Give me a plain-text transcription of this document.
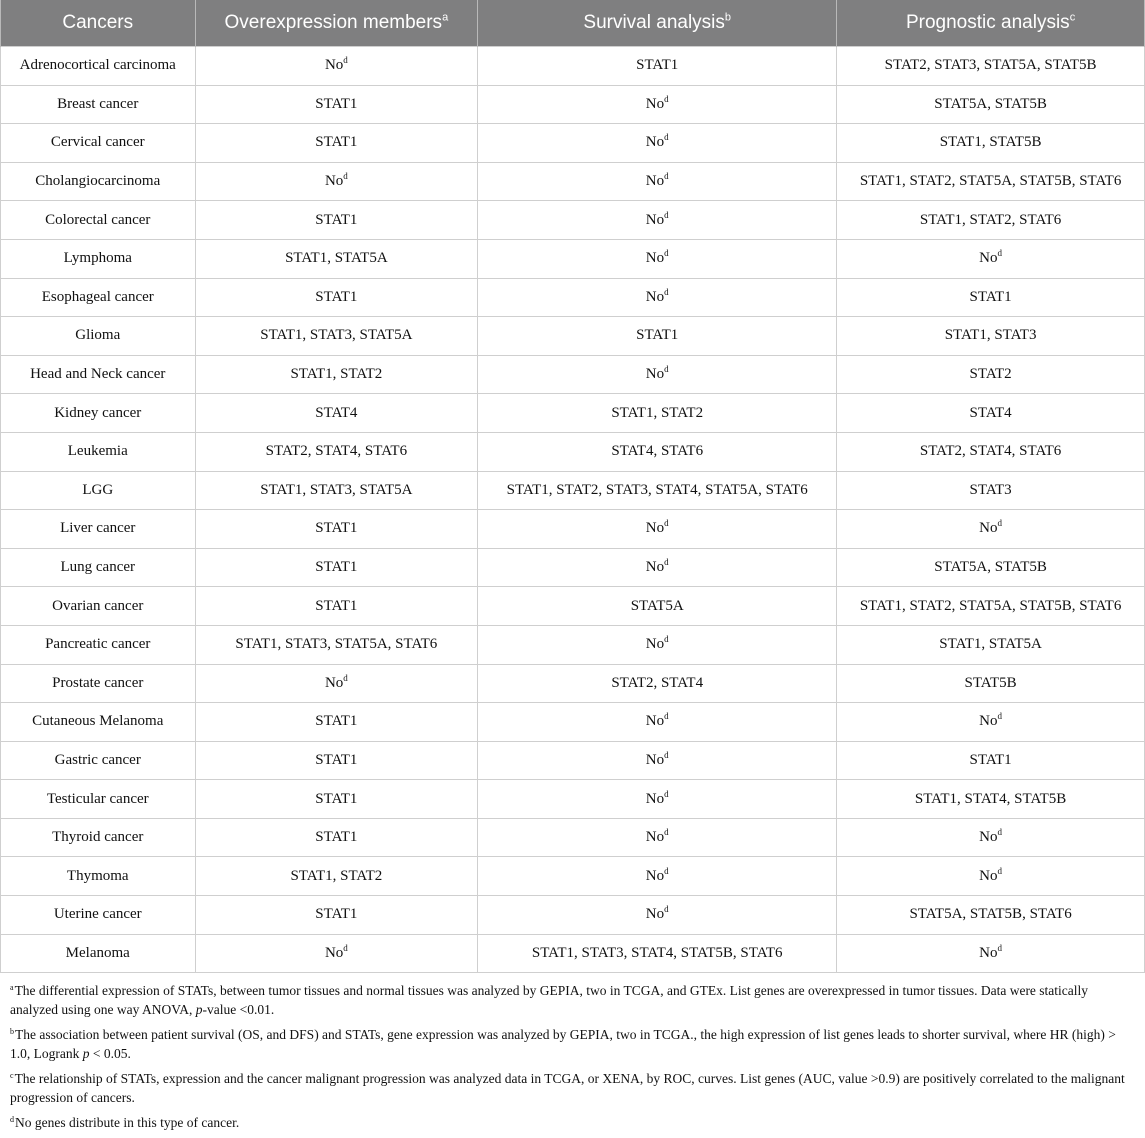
Cancers	Overexpression members$^a$	Survival analysis$^b$	Prognostic analysis$^c$
Adrenocortical carcinoma	No$^d$	STAT1	STAT2, STAT3, STAT5A, STAT5B
Breast cancer	STAT1	No$^d$	STAT5A, STAT5B
Cervical cancer	STAT1	No$^d$	STAT1, STAT5B
Cholangiocarcinoma	No$^d$	No$^d$	STAT1, STAT2, STAT5A, STAT5B, STAT6
Colorectal cancer	STAT1	No$^d$	STAT1, STAT2, STAT6
Lymphoma	STAT1, STAT5A	No$^d$	No$^d$
Esophageal cancer	STAT1	No$^d$	STAT1
Glioma	STAT1, STAT3, STAT5A	STAT1	STAT1, STAT3
Head and Neck cancer	STAT1, STAT2	No$^d$	STAT2
Kidney cancer	STAT4	STAT1, STAT2	STAT4
Leukemia	STAT2, STAT4, STAT6	STAT4, STAT6	STAT2, STAT4, STAT6
LGG	STAT1, STAT3, STAT5A	STAT1, STAT2, STAT3, STAT4, STAT5A, STAT6	STAT3
Liver cancer	STAT1	No$^d$	No$^d$
Lung cancer	STAT1	No$^d$	STAT5A, STAT5B
Ovarian cancer	STAT1	STAT5A	STAT1, STAT2, STAT5A, STAT5B, STAT6
Pancreatic cancer	STAT1, STAT3, STAT5A, STAT6	No$^d$	STAT1, STAT5A
Prostate cancer	No$^d$	STAT2, STAT4	STAT5B
Cutaneous Melanoma	STAT1	No$^d$	No$^d$
Gastric cancer	STAT1	No$^d$	STAT1
Testicular cancer	STAT1	No$^d$	STAT1, STAT4, STAT5B
Thyroid cancer	STAT1	No$^d$	No$^d$
Thymoma	STAT1, STAT2	No$^d$	No$^d$
Uterine cancer	STAT1	No$^d$	STAT5A, STAT5B, STAT6
Melanoma	No$^d$	STAT1, STAT3, STAT4, STAT5B, STAT6	No$^d$

$^a$The differential expression of STATs, between tumor tissues and normal tissues was analyzed by GEPIA, two in TCGA, and GTEx. List genes are overexpressed in tumor tissues. Data were statically analyzed using one way ANOVA, p-value <0.01.

$^b$The association between patient survival (OS, and DFS) and STATs, gene expression was analyzed by GEPIA, two in TCGA., the high expression of list genes leads to shorter survival, where HR (high) > 1.0, Logrank p < 0.05.

$^c$The relationship of STATs, expression and the cancer malignant progression was analyzed data in TCGA, or XENA, by ROC, curves. List genes (AUC, value >0.9) are positively correlated to the malignant progression of cancers.

$^d$No genes distribute in this type of cancer.
